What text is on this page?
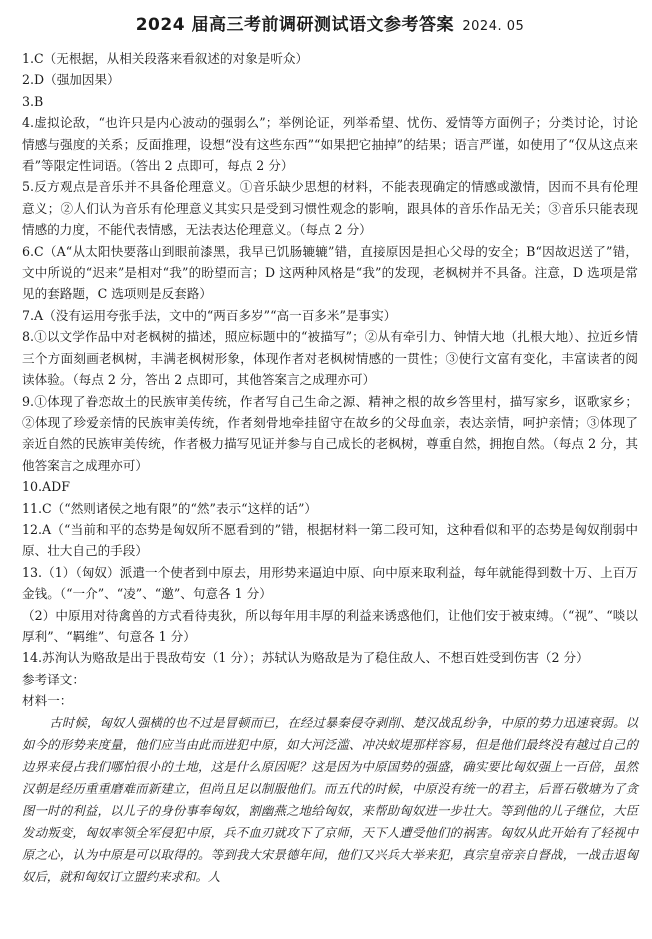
2024 届高三考前调研测试语文参考答案 2024. 05

1.C（无根据，从相关段落来看叙述的对象是听众）

2.D（强加因果）

3.B

4.虚拟论敌，“也许只是内心波动的强弱么”；举例论证，列举希望、忧伤、爱情等方面例子；分类讨论，讨论情感与强度的关系；反面推理，设想“没有这些东西”“如果把它抽掉”的结果；语言严谨，如使用了“仅从这点来看”等限定性词语。（答出 2 点即可，每点 2 分）

5.反方观点是音乐并不具备伦理意义。①音乐缺少思想的材料，不能表现确定的情感或激情，因而不具有伦理意义；②人们认为音乐有伦理意义其实只是受到习惯性观念的影响，跟具体的音乐作品无关；③音乐只能表现情感的力度，不能代表情感，无法表达伦理意义。（每点 2 分）

6.C（A“从太阳快要落山到眼前漆黑，我早已饥肠辘辘”错，直接原因是担心父母的安全；B“因故迟送了”错，文中所说的“迟来”是相对“我”的盼望而言；D 这两种风格是“我”的发现，老枫树并不具备。注意，D 选项是常见的套路题，C 选项则是反套路）

7.A（没有运用夸张手法，文中的“两百多岁”“高一百多米”是事实）

8.①以文学作品中对老枫树的描述，照应标题中的“被描写”；②从有牵引力、钟情大地（扎根大地）、拉近乡情三个方面刻画老枫树，丰满老枫树形象，体现作者对老枫树情感的一贯性；③使行文富有变化，丰富读者的阅读体验。（每点 2 分，答出 2 点即可，其他答案言之成理亦可）

9.①体现了眷恋故土的民族审美传统，作者写自己生命之源、精神之根的故乡答里村，描写家乡，讴歌家乡；②体现了珍爱亲情的民族审美传统，作者刻骨地牵挂留守在故乡的父母血亲，表达亲情，呵护亲情；③体现了亲近自然的民族审美传统，作者极力描写见证并参与自己成长的老枫树，尊重自然，拥抱自然。（每点 2 分，其他答案言之成理亦可）

10.ADF

11.C（“然则诸侯之地有限”的“然”表示“这样的话”）

12.A（“当前和平的态势是匈奴所不愿看到的”错，根据材料一第二段可知，这种看似和平的态势是匈奴削弱中原、壮大自己的手段）

13.（1）（匈奴）派遣一个使者到中原去，用形势来逼迫中原、向中原来取利益，每年就能得到数十万、上百万金钱。（“一介”、“凌”、“邀”、句意各 1 分）

（2）中原用对待禽兽的方式看待夷狄，所以每年用丰厚的利益来诱惑他们，让他们安于被束缚。（“视”、“啖以厚利”、“羁维”、句意各 1 分）

14.苏洵认为赂敌是出于畏敌苟安（1 分）；苏轼认为赂敌是为了稳住敌人、不想百姓受到伤害（2 分）

参考译文：

材料一：

古时候，匈奴人强横的也不过是冒顿而已，在经过暴秦侵夺剥削、楚汉战乱纷争，中原的势力迅速衰弱。以如今的形势来度量，他们应当由此而进犯中原，如大河泛滥、冲决蚁堤那样容易，但是他们最终没有越过自己的边界来侵占我们哪怕很小的土地，这是什么原因呢？这是因为中原国势的强盛，确实要比匈奴强上一百倍，虽然汉朝是经历重重磨难而新建立，但尚且足以制服他们。而五代的时候，中原没有统一的君主，后晋石敬塘为了贪图一时的利益，以儿子的身份事奉匈奴，割幽燕之地给匈奴，来帮助匈奴进一步壮大。等到他的儿子继位，大臣发动叛变，匈奴率领全军侵犯中原，兵不血刃就攻下了京师，天下人遭受他们的祸害。匈奴从此开始有了轻视中原之心，认为中原是可以取得的。等到我大宋景德年间，他们又兴兵大举来犯，真宗皇帝亲自督战，一战击退匈奴后，就和匈奴订立盟约来求和。人
